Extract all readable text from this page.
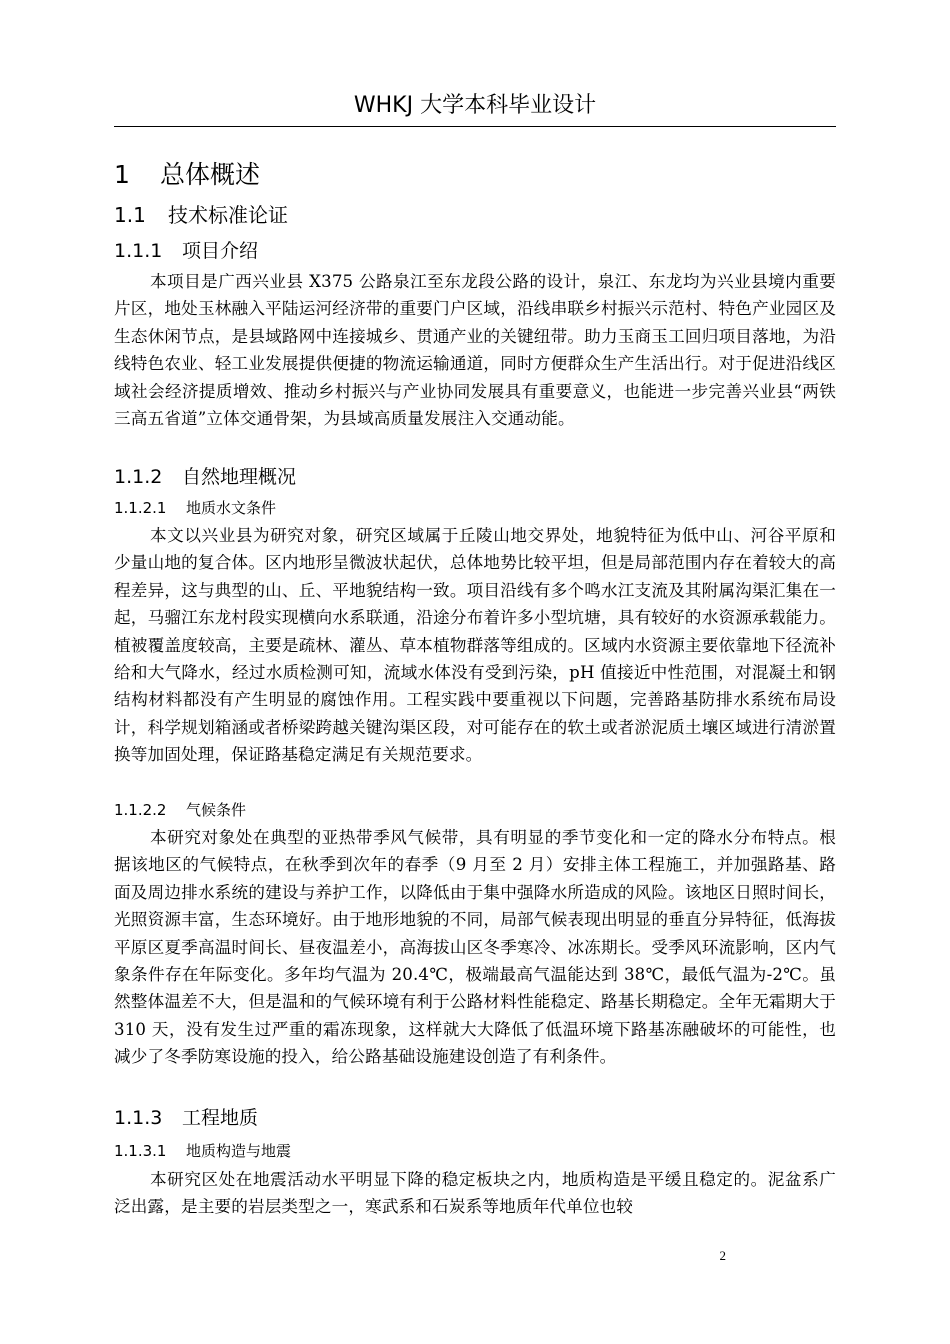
WHKJ 大学本科毕业设计
1 总体概述
1.1 技术标准论证
1.1.1 项目介绍

本项目是广西兴业县 X375 公路泉江至东龙段公路的设计，泉江、东龙均为兴业县境内重要片区，地处玉林融入平陆运河经济带的重要门户区域，沿线串联乡村振兴示范村、特色产业园区及生态休闲节点，是县域路网中连接城乡、贯通产业的关键纽带。助力玉商玉工回归项目落地，为沿线特色农业、轻工业发展提供便捷的物流运输通道，同时方便群众生产生活出行。对于促进沿线区域社会经济提质增效、推动乡村振兴与产业协同发展具有重要意义，也能进一步完善兴业县“两铁三高五省道”立体交通骨架，为县域高质量发展注入交通动能。

1.1.2 自然地理概况
1.1.2.1 地质水文条件

本文以兴业县为研究对象，研究区域属于丘陵山地交界处，地貌特征为低中山、河谷平原和少量山地的复合体。区内地形呈微波状起伏，总体地势比较平坦，但是局部范围内存在着较大的高程差异，这与典型的山、丘、平地貌结构一致。项目沿线有多个鸣水江支流及其附属沟渠汇集在一起，马骝江东龙村段实现横向水系联通，沿途分布着许多小型坑塘，具有较好的水资源承载能力。植被覆盖度较高，主要是疏林、灌丛、草本植物群落等组成的。区域内水资源主要依靠地下径流补给和大气降水，经过水质检测可知，流域水体没有受到污染，pH 值接近中性范围，对混凝土和钢结构材料都没有产生明显的腐蚀作用。工程实践中要重视以下问题，完善路基防排水系统布局设计，科学规划箱涵或者桥梁跨越关键沟渠区段，对可能存在的软土或者淤泥质土壤区域进行清淤置换等加固处理，保证路基稳定满足有关规范要求。

1.1.2.2 气候条件

本研究对象处在典型的亚热带季风气候带，具有明显的季节变化和一定的降水分布特点。根据该地区的气候特点，在秋季到次年的春季（9 月至 2 月）安排主体工程施工，并加强路基、路面及周边排水系统的建设与养护工作，以降低由于集中强降水所造成的风险。该地区日照时间长，光照资源丰富，生态环境好。由于地形地貌的不同，局部气候表现出明显的垂直分异特征，低海拔平原区夏季高温时间长、昼夜温差小，高海拔山区冬季寒冷、冰冻期长。受季风环流影响，区内气象条件存在年际变化。多年均气温为 20.4℃，极端最高气温能达到 38℃，最低气温为-2℃。虽然整体温差不大，但是温和的气候环境有利于公路材料性能稳定、路基长期稳定。全年无霜期大于 310 天，没有发生过严重的霜冻现象，这样就大大降低了低温环境下路基冻融破坏的可能性，也减少了冬季防寒设施的投入，给公路基础设施建设创造了有利条件。

1.1.3 工程地质
1.1.3.1 地质构造与地震

本研究区处在地震活动水平明显下降的稳定板块之内，地质构造是平缓且稳定的。泥盆系广泛出露，是主要的岩层类型之一，寒武系和石炭系等地质年代单位也较

2
